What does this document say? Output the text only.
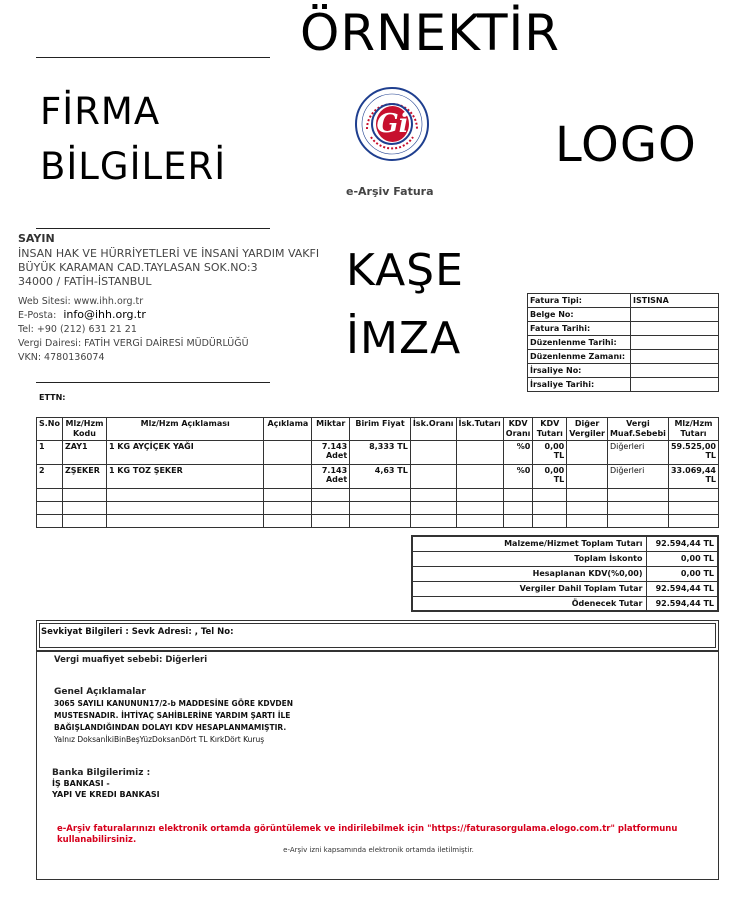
ÖRNEKTİR
FİRMA
BİLGİLERİ	LOGO
Gi
e-Arşiv Fatura
SAYIN
İNSAN HAK VE HÜRRİYETLERİ VE İNSANİ YARDIM VAKFI
BÜYÜK KARAMAN CAD.TAYLASAN SOK.NO:3
34000 / FATİH-İSTANBUL
Web Sitesi: www.ihh.org.tr
E-Posta: info@ihh.org.tr
Tel: +90 (212) 631 21 21
Vergi Dairesi: FATİH VERGİ DAİRESİ MÜDÜRLÜĞÜ
VKN: 4780136074
KAŞE
İMZA
Fatura Tipi:	ISTISNA
Belge No:	
Fatura Tarihi:	
Düzenlenme Tarihi:	
Düzenlenme Zamanı:	
İrsaliye No:	
İrsaliye Tarihi:	
ETTN:
S.No	Mlz/Hzm Kodu	Mlz/Hzm Açıklaması	Açıklama	Miktar	Birim Fiyat	İsk.Oranı	İsk.Tutarı	KDV Oranı	KDV Tutarı	Diğer Vergiler	Vergi Muaf.Sebebi	Mlz/Hzm Tutarı
1	ZAY1	1 KG AYÇİÇEK YAĞI		7.143 Adet	8,333 TL			%0	0,00 TL		Diğerleri	59.525,00 TL
2	ZŞEKER	1 KG TOZ ŞEKER		7.143 Adet	4,63 TL			%0	0,00 TL		Diğerleri	33.069,44 TL

Malzeme/Hizmet Toplam Tutarı	92.594,44 TL
Toplam İskonto	0,00 TL
Hesaplanan KDV(%0,00)	0,00 TL
Vergiler Dahil Toplam Tutar	92.594,44 TL
Ödenecek Tutar	92.594,44 TL
Sevkiyat Bilgileri : Sevk Adresi: , Tel No:
Vergi muafiyet sebebi: Diğerleri
Genel Açıklamalar
3065 SAYILI KANUNUN17/2-b MADDESİNE GÖRE KDVDEN
MUSTESNADIR. İHTİYAÇ SAHİBLERİNE YARDIM ŞARTI İLE
BAĞIŞLANDIĞINDAN DOLAYI KDV HESAPLANMAMIŞTIR.
Yalnız DoksanİkiBinBeşYüzDoksanDört TL KırkDört Kuruş
Banka Bilgilerimiz :
İŞ BANKASI -
YAPI VE KREDI BANKASI
e-Arşiv faturalarınızı elektronik ortamda görüntülemek ve indirilebilmek için "https://faturasorgulama.elogo.com.tr" platformunu kullanabilirsiniz.
e-Arşiv izni kapsamında elektronik ortamda iletilmiştir.
